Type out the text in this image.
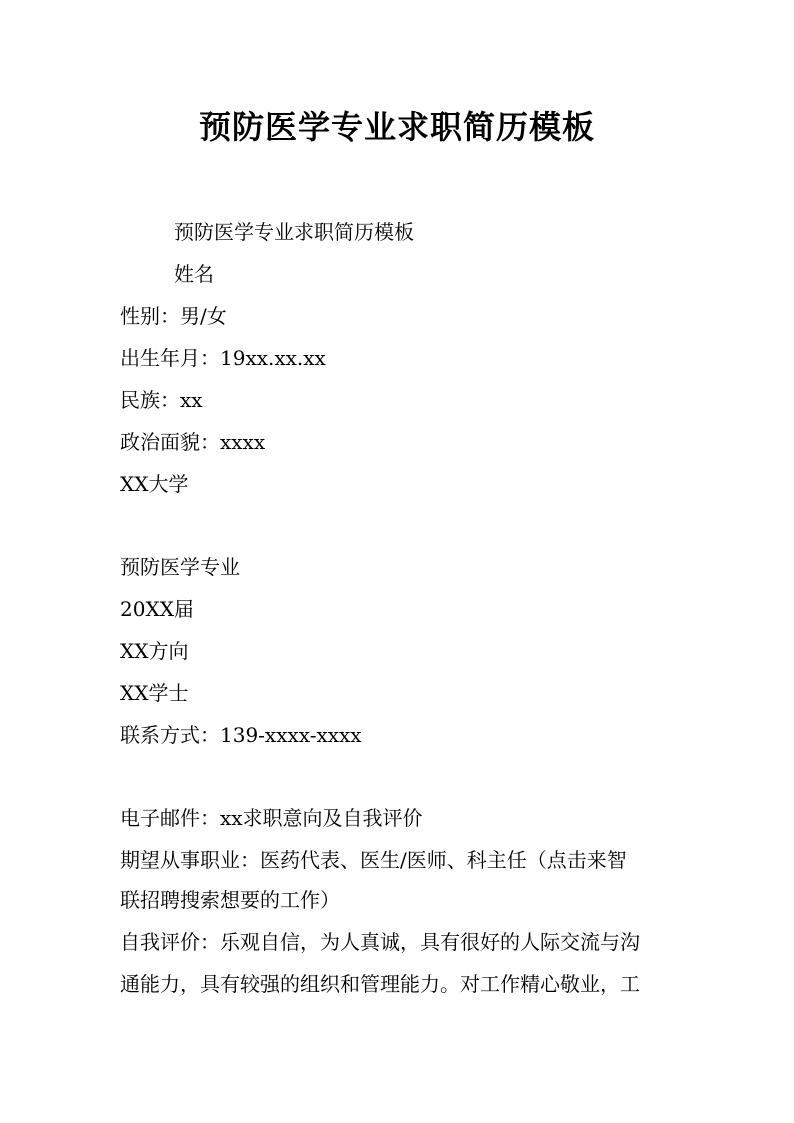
预防医学专业求职简历模板
预防医学专业求职简历模板
姓名
性别：男/女
出生年月：19xx.xx.xx
民族：xx
政治面貌：xxxx
XX大学
预防医学专业
20XX届
XX方向
XX学士
联系方式：139-xxxx-xxxx
电子邮件：xx求职意向及自我评价
期望从事职业：医药代表、医生/医师、科主任（点击来智
联招聘搜索想要的工作）
自我评价：乐观自信，为人真诚，具有很好的人际交流与沟
通能力，具有较强的组织和管理能力。对工作精心敬业，工
